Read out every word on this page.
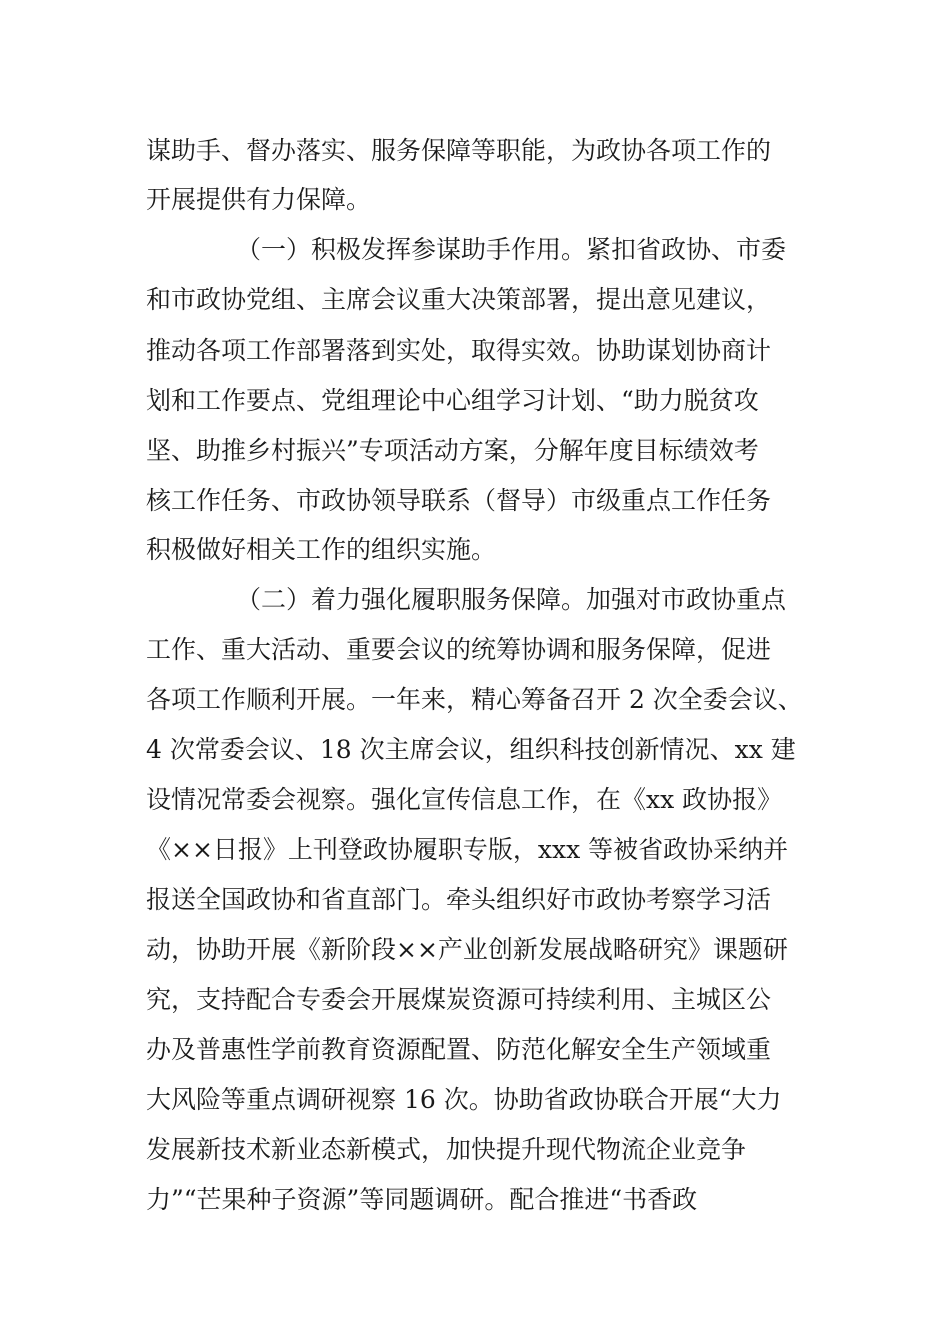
谋助手、督办落实、服务保障等职能，为政协各项工作的
开展提供有力保障。
（一）积极发挥参谋助手作用。紧扣省政协、市委
和市政协党组、主席会议重大决策部署，提出意见建议，
推动各项工作部署落到实处，取得实效。协助谋划协商计
划和工作要点、党组理论中心组学习计划、“助力脱贫攻
坚、助推乡村振兴”专项活动方案，分解年度目标绩效考
核工作任务、市政协领导联系（督导）市级重点工作任务
积极做好相关工作的组织实施。
（二）着力强化履职服务保障。加强对市政协重点
工作、重大活动、重要会议的统筹协调和服务保障，促进
各项工作顺利开展。一年来，精心筹备召开 2 次全委会议、
4 次常委会议、18 次主席会议，组织科技创新情况、xx 建
设情况常委会视察。强化宣传信息工作，在《xx 政协报》
《××日报》上刊登政协履职专版，xxx 等被省政协采纳并
报送全国政协和省直部门。牵头组织好市政协考察学习活
动，协助开展《新阶段××产业创新发展战略研究》课题研
究，支持配合专委会开展煤炭资源可持续利用、主城区公
办及普惠性学前教育资源配置、防范化解安全生产领域重
大风险等重点调研视察 16 次。协助省政协联合开展“大力
发展新技术新业态新模式，加快提升现代物流企业竞争
力”“芒果种子资源”等同题调研。配合推进“书香政
